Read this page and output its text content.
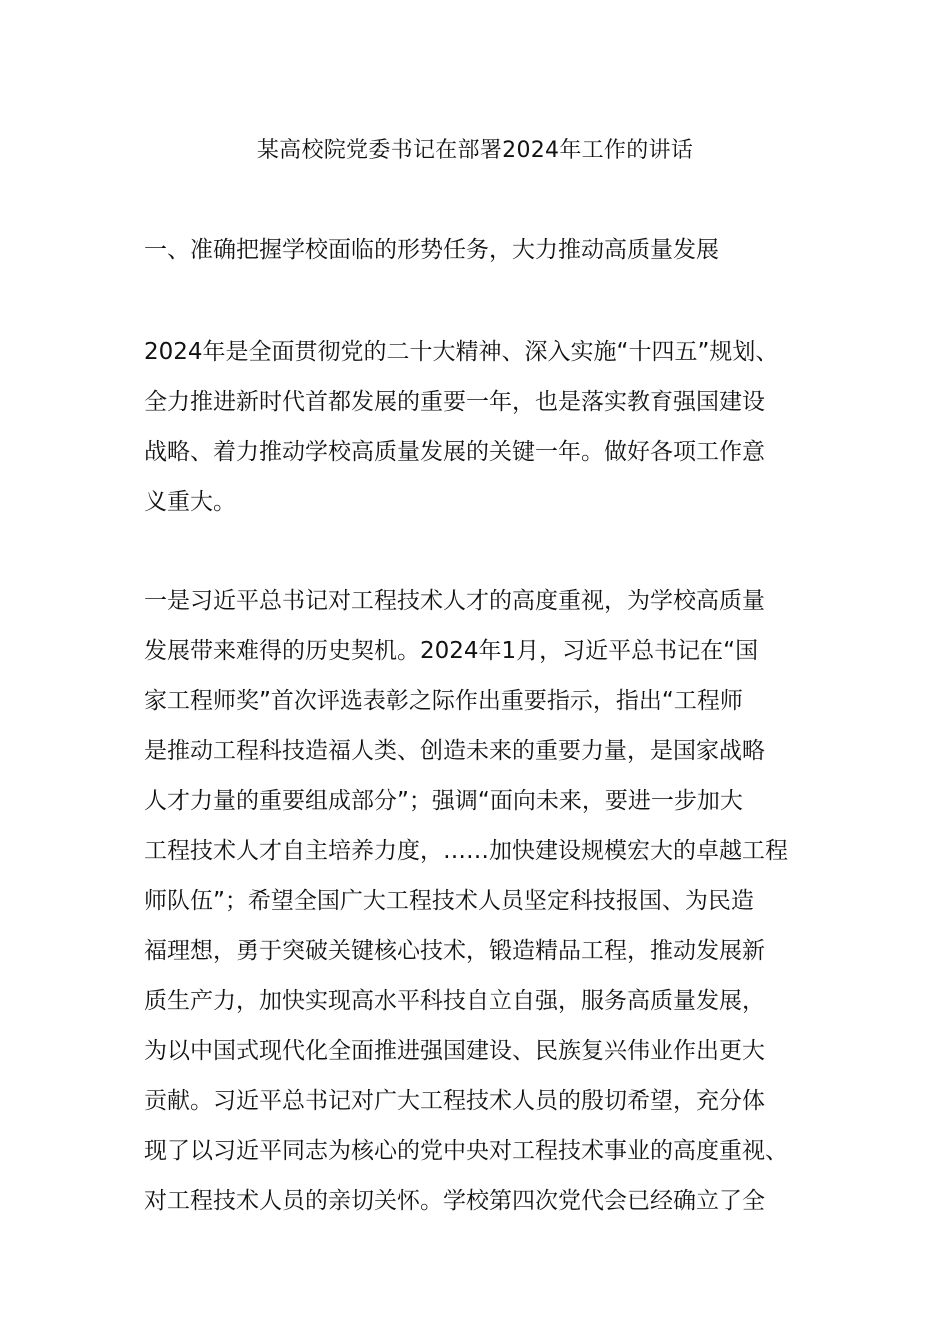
某高校院党委书记在部署2024年工作的讲话
一、准确把握学校面临的形势任务，大力推动高质量发展

2024年是全面贯彻党的二十大精神、深入实施“十四五”规划、
全力推进新时代首都发展的重要一年，也是落实教育强国建设
战略、着力推动学校高质量发展的关键一年。做好各项工作意
义重大。

一是习近平总书记对工程技术人才的高度重视，为学校高质量
发展带来难得的历史契机。2024年1月，习近平总书记在“国
家工程师奖”首次评选表彰之际作出重要指示，指出“工程师
是推动工程科技造福人类、创造未来的重要力量，是国家战略
人才力量的重要组成部分”；强调“面向未来，要进一步加大
工程技术人才自主培养力度，……加快建设规模宏大的卓越工程
师队伍”；希望全国广大工程技术人员坚定科技报国、为民造
福理想，勇于突破关键核心技术，锻造精品工程，推动发展新
质生产力，加快实现高水平科技自立自强，服务高质量发展，
为以中国式现代化全面推进强国建设、民族复兴伟业作出更大
贡献。习近平总书记对广大工程技术人员的殷切希望，充分体
现了以习近平同志为核心的党中央对工程技术事业的高度重视、
对工程技术人员的亲切关怀。学校第四次党代会已经确立了全
